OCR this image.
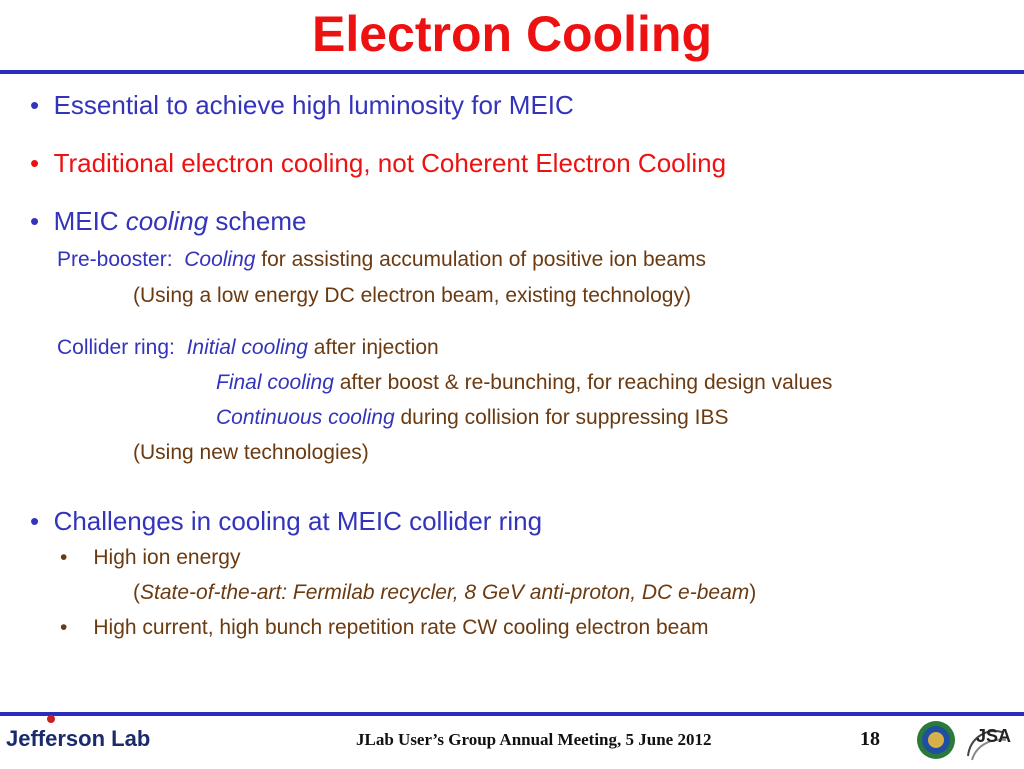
Electron Cooling
•  Essential to achieve high luminosity for MEIC
•  Traditional electron cooling, not Coherent Electron Cooling
•  MEIC cooling scheme
Pre-booster: Cooling for assisting accumulation of positive ion beams
(Using a low energy DC electron beam, existing technology)
Collider ring: Initial cooling after injection
Final cooling after boost & re-bunching, for reaching design values
Continuous cooling during collision for suppressing IBS
(Using new technologies)
•  Challenges in cooling at MEIC collider ring
• High ion energy
(State-of-the-art: Fermilab recycler, 8 GeV anti-proton, DC e-beam)
• High current, high bunch repetition rate CW cooling electron beam
Jefferson Lab	JLab User’s Group Annual Meeting, 5 June 2012	18	JSA
